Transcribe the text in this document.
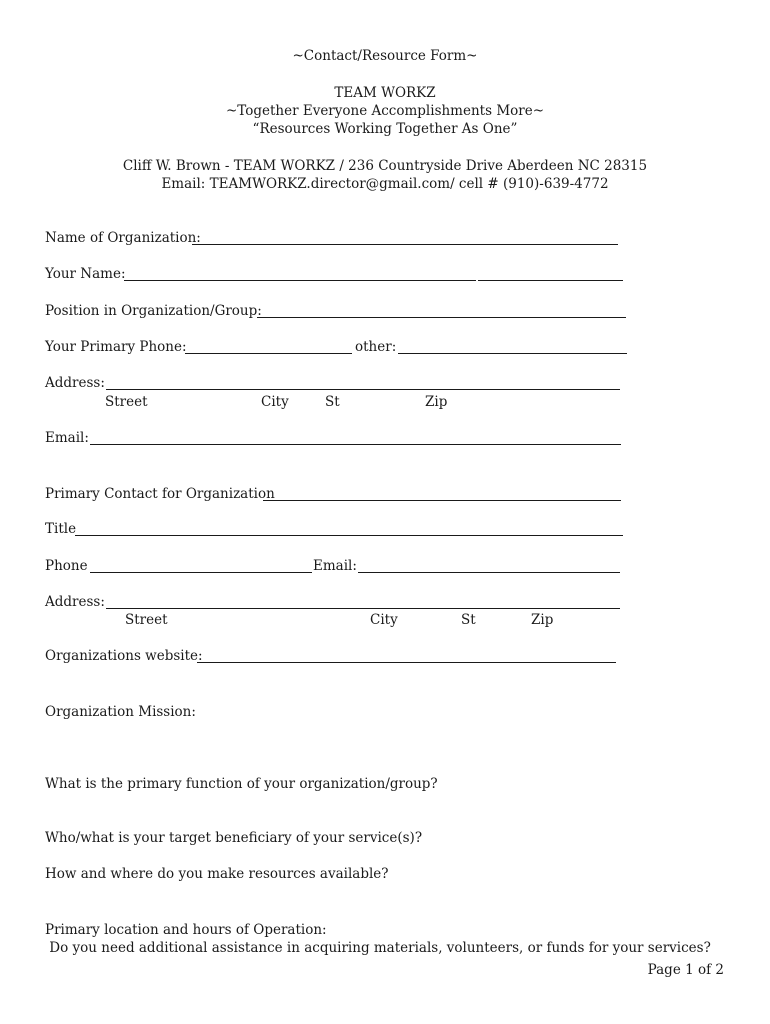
~Contact/Resource Form~
TEAM WORKZ
~Together Everyone Accomplishments More~
“Resources Working Together As One”
Cliff W. Brown - TEAM WORKZ / 236 Countryside Drive Aberdeen NC 28315
Email: TEAMWORKZ.director@gmail.com/ cell # (910)-639-4772
Name of Organization:
Your Name:
Position in Organization/Group:
Your Primary Phone:	other:
Address:
Street	City	St	Zip
Email:
Primary Contact for Organization
Title
Phone	Email:
Address:
Street	City	St	Zip
Organizations website:
Organization Mission:
What is the primary function of your organization/group?
Who/what is your target beneficiary of your service(s)?
How and where do you make resources available?
Primary location and hours of Operation:
Do you need additional assistance in acquiring materials, volunteers, or funds for your services?
Page 1 of 2
